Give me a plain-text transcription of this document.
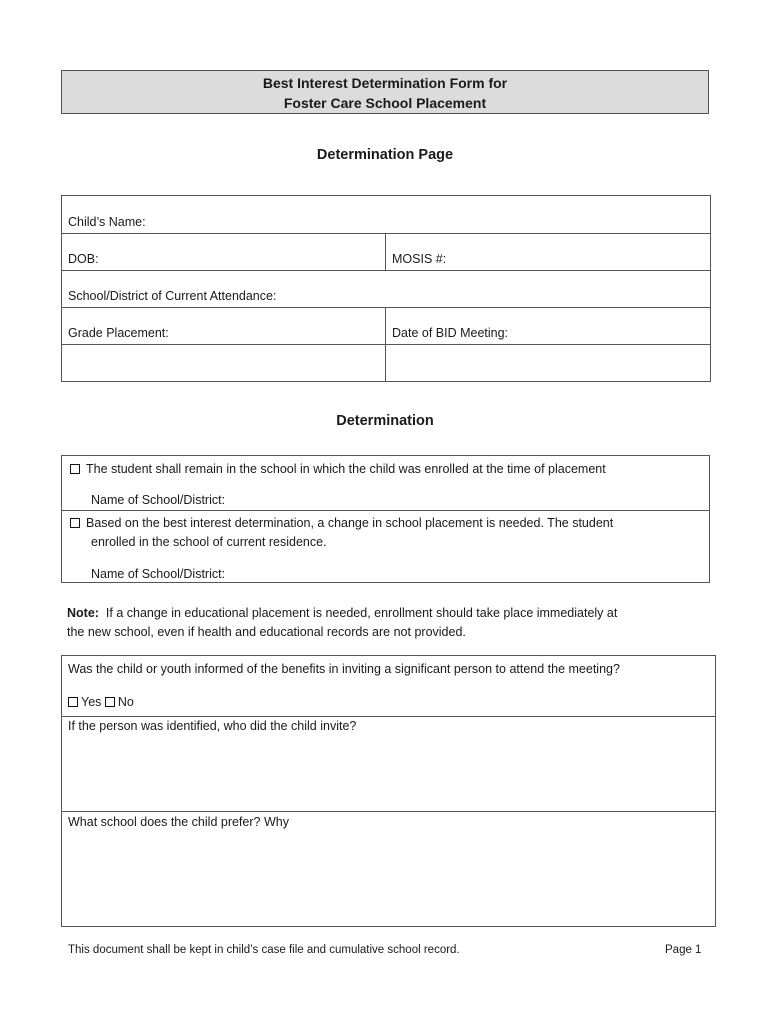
Best Interest Determination Form for
Foster Care School Placement
Determination Page
Child’s Name:	
DOB:	MOSIS #:
School/District of Current Attendance:	
Grade Placement:	Date of BID Meeting:

Determination
The student shall remain in the school in which the child was enrolled at the time of placement
Name of School/District:
Based on the best interest determination, a change in school placement is needed. The student
enrolled in the school of current residence.
Name of School/District:
Note:  If a change in educational placement is needed, enrollment should take place immediately at
the new school, even if health and educational records are not provided.
Was the child or youth informed of the benefits in inviting a significant person to attend the meeting?
Yes No
If the person was identified, who did the child invite?
What school does the child prefer? Why
This document shall be kept in child’s case file and cumulative school record.	Page 1
